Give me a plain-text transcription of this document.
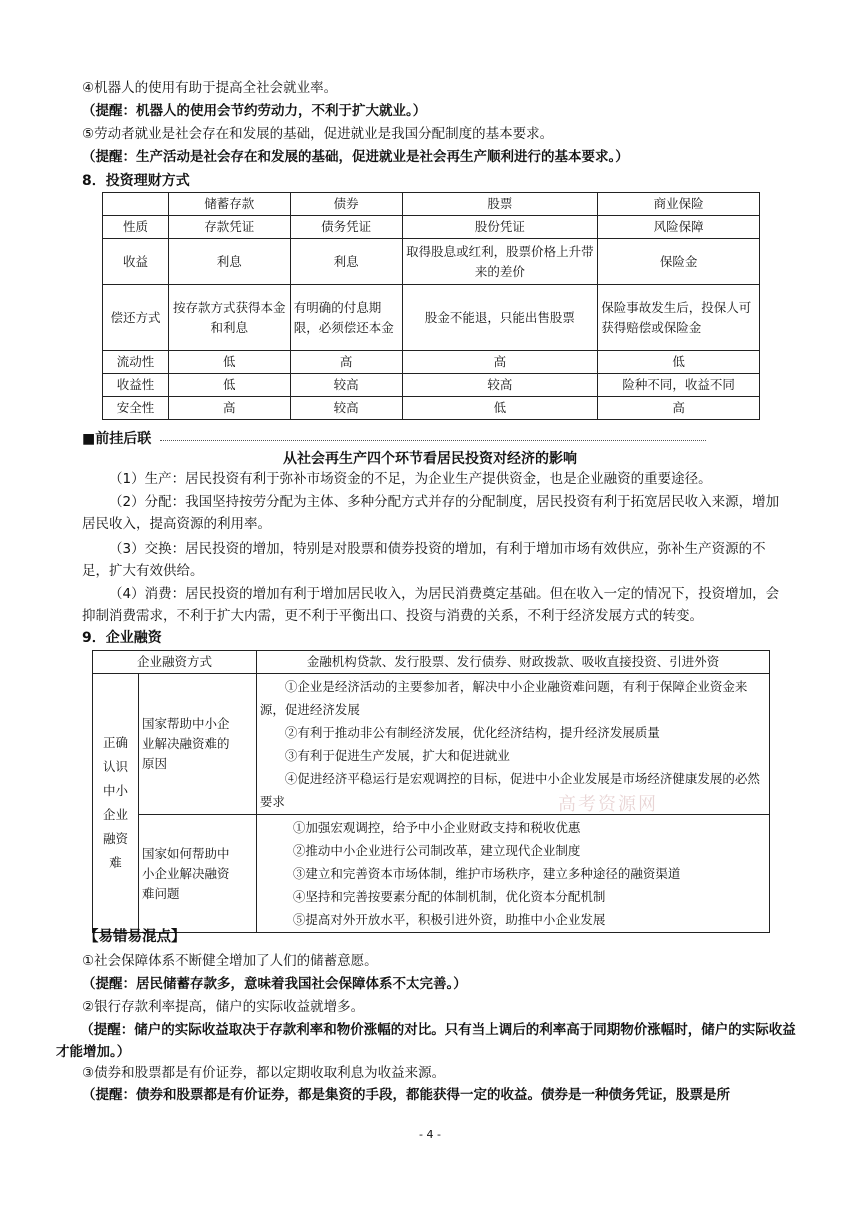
④机器人的使用有助于提高全社会就业率。
（提醒：机器人的使用会节约劳动力，不利于扩大就业。）
⑤劳动者就业是社会存在和发展的基础，促进就业是我国分配制度的基本要求。
（提醒：生产活动是社会存在和发展的基础，促进就业是社会再生产顺利进行的基本要求。）
8．投资理财方式
	储蓄存款	债券	股票	商业保险
性质	存款凭证	债务凭证	股份凭证	风险保障
收益	利息	利息	取得股息或红利，股票价格上升带来的差价	保险金
偿还方式	按存款方式获得本金和利息	有明确的付息期限，必须偿还本金	股金不能退，只能出售股票	保险事故发生后，投保人可获得赔偿或保险金
流动性	低	高	高	低
收益性	低	较高	较高	险种不同，收益不同
安全性	高	较高	低	高
■前挂后联
从社会再生产四个环节看居民投资对经济的影响
（1）生产：居民投资有利于弥补市场资金的不足，为企业生产提供资金，也是企业融资的重要途径。
（2）分配：我国坚持按劳分配为主体、多种分配方式并存的分配制度，居民投资有利于拓宽居民收入来源，增加居民收入，提高资源的利用率。
（3）交换：居民投资的增加，特别是对股票和债券投资的增加，有利于增加市场有效供应，弥补生产资源的不足，扩大有效供给。
（4）消费：居民投资的增加有利于增加居民收入，为居民消费奠定基础。但在收入一定的情况下，投资增加，会抑制消费需求，不利于扩大内需，更不利于平衡出口、投资与消费的关系，不利于经济发展方式的转变。
9．企业融资
企业融资方式		金融机构贷款、发行股票、发行债券、财政拨款、吸收直接投资、引进外资
正确认识中小企业融资难	国家帮助中小企业解决融资难的原因	①企业是经济活动的主要参加者，解决中小企业融资难问题，有利于保障企业资金来源，促进经济发展
②有利于推动非公有制经济发展，优化经济结构，提升经济发展质量
③有利于促进生产发展，扩大和促进就业
④促进经济平稳运行是宏观调控的目标，促进中小企业发展是市场经济健康发展的必然要求

	国家如何帮助中小企业解决融资难问题	①加强宏观调控，给予中小企业财政支持和税收优惠
②推动中小企业进行公司制改革，建立现代企业制度
③建立和完善资本市场体制，维护市场秩序，建立多种途径的融资渠道
④坚持和完善按要素分配的体制机制，优化资本分配机制
⑤提高对外开放水平，积极引进外资，助推中小企业发展
高考资源网
【易错易混点】
①社会保障体系不断健全增加了人们的储蓄意愿。
（提醒：居民储蓄存款多，意味着我国社会保障体系不太完善。）
②银行存款利率提高，储户的实际收益就增多。
（提醒：储户的实际收益取决于存款利率和物价涨幅的对比。只有当上调后的利率高于同期物价涨幅时，储户的实际收益才能增加。）
③债券和股票都是有价证券，都以定期收取利息为收益来源。
（提醒：债券和股票都是有价证券，都是集资的手段，都能获得一定的收益。债券是一种债务凭证，股票是所
- 4 -
